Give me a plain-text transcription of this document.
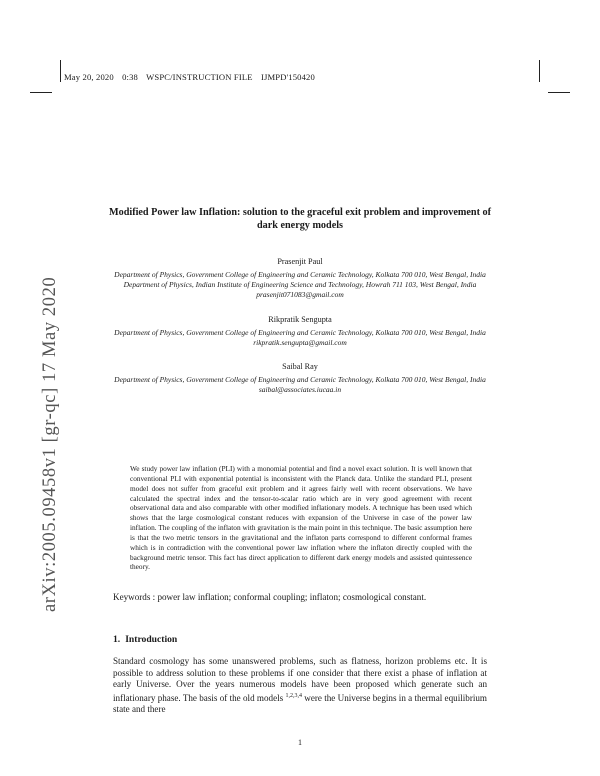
May 20, 2020 0:38 WSPC/INSTRUCTION FILE IJMPD'150420
arXiv:2005.09458v1 [gr-qc] 17 May 2020
Modified Power law Inflation: solution to the graceful exit problem and improvement of dark energy models
Prasenjit Paul
Department of Physics, Government College of Engineering and Ceramic Technology, Kolkata 700 010, West Bengal, India
Department of Physics, Indian Institute of Engineering Science and Technology, Howrah 711 103, West Bengal, India
prasenjit071083@gmail.com
Rikpratik Sengupta
Department of Physics, Government College of Engineering and Ceramic Technology, Kolkata 700 010, West Bengal, India
rikpratik.sengupta@gmail.com
Saibal Ray
Department of Physics, Government College of Engineering and Ceramic Technology, Kolkata 700 010, West Bengal, India
saibal@associates.iucaa.in
We study power law inflation (PLI) with a monomial potential and find a novel exact solution. It is well known that conventional PLI with exponential potential is inconsistent with the Planck data. Unlike the standard PLI, present model does not suffer from graceful exit problem and it agrees fairly well with recent observations. We have calculated the spectral index and the tensor-to-scalar ratio which are in very good agreement with recent observational data and also comparable with other modified inflationary models. A technique has been used which shows that the large cosmological constant reduces with expansion of the Universe in case of the power law inflation. The coupling of the inflaton with gravitation is the main point in this technique. The basic assumption here is that the two metric tensors in the gravitational and the inflaton parts correspond to different conformal frames which is in contradiction with the conventional power law inflation where the inflaton directly coupled with the background metric tensor. This fact has direct application to different dark energy models and assisted quintessence theory.
Keywords : power law inflation; conformal coupling; inflaton; cosmological constant.
1. Introduction
Standard cosmology has some unanswered problems, such as flatness, horizon problems etc. It is possible to address solution to these problems if one consider that there exist a phase of inflation at early Universe. Over the years numerous models have been proposed which generate such an inflationary phase. The basis of the old models $^{1,2,3,4}$ were the Universe begins in a thermal equilibrium state and there
1
